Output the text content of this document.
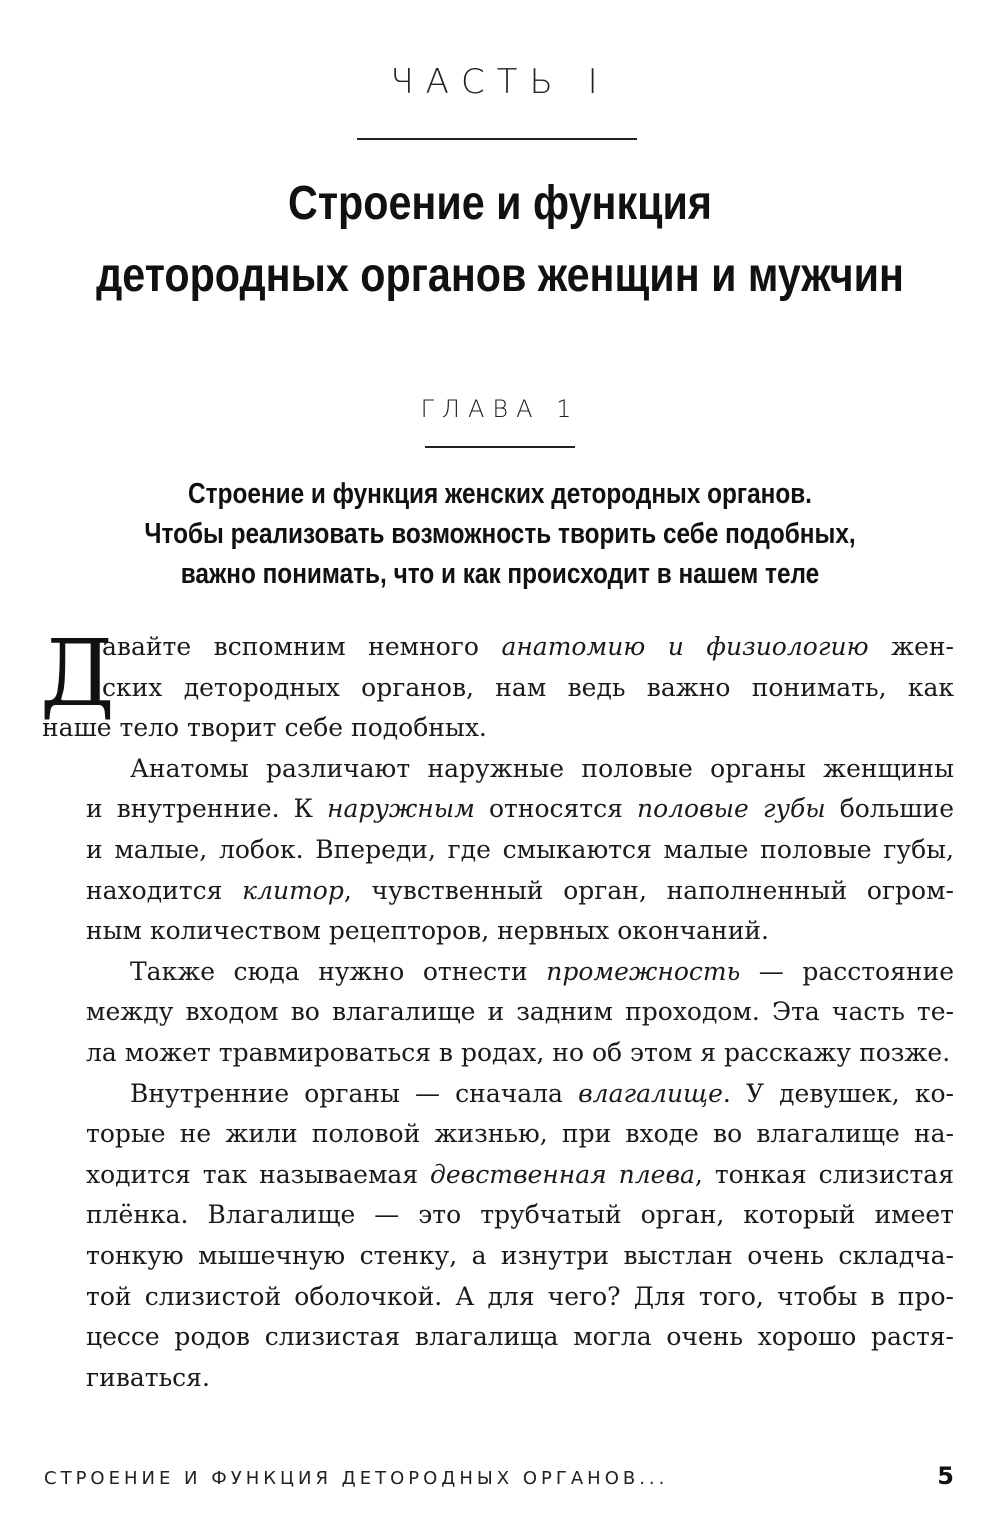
ЧАСТЬ I
Строение и функция
детородных органов женщин и мужчин
ГЛАВА 1
Строение и функция женских детородных органов.
Чтобы реализовать возможность творить себе подобных,
важно понимать, что и как происходит в нашем теле
Д

авайте вспомним немного анатомию и физиологию жен-
ских детородных органов, нам ведь важно понимать, как
наше тело творит себе подобных.

Анатомы различают наружные половые органы женщины
и внутренние. К наружным относятся половые губы большие
и малые, лобок. Впереди, где смыкаются малые половые губы,
находится клитор, чувственный орган, наполненный огром-
ным количеством рецепторов, нервных окончаний.

Также сюда нужно отнести промежность — расстояние
между входом во влагалище и задним проходом. Эта часть те-
ла может травмироваться в родах, но об этом я расскажу позже.

Внутренние органы — сначала влагалище. У девушек, ко-
торые не жили половой жизнью, при входе во влагалище на-
ходится так называемая девственная плева, тонкая слизистая
плёнка. Влагалище — это трубчатый орган, который имеет
тонкую мышечную стенку, а изнутри выстлан очень складча-
той слизистой оболочкой. А для чего? Для того, чтобы в про-
цессе родов слизистая влагалища могла очень хорошо растя-
гиваться.

СТРОЕНИЕ И ФУНКЦИЯ ДЕТОРОДНЫХ ОРГАНОВ...	5
